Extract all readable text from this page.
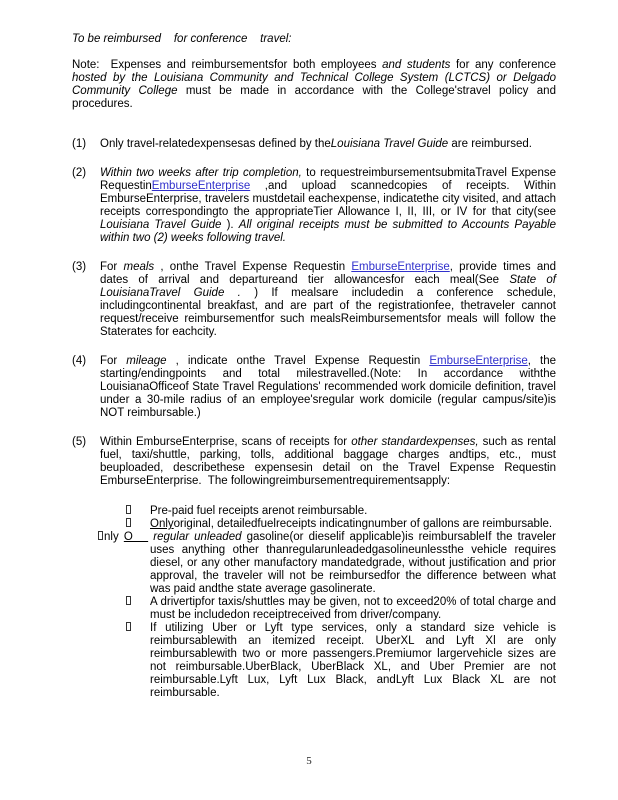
To be reimbursed    for conference    travel:
Note:  Expenses and reimbursementsfor both employees and students for any conference hosted by the Louisiana Community and Technical College System (LCTCS) or Delgado Community College must be made in accordance with the College'stravel policy and procedures.
(1)	Only travel-relatedexpensesas defined by theLouisiana Travel Guide are reimbursed.
(2)	Within two weeks after trip completion, to requestreimbursementsubmitaTravel Expense RequestinEmburseEnterprise ,and upload scannedcopies of receipts. Within EmburseEnterprise, travelers mustdetail eachexpense, indicatethe city visited, and attach receipts correspondingto the appropriateTier Allowance I, II, III, or IV for that city(see Louisiana Travel Guide ). All original receipts must be submitted to Accounts Payable within two (2) weeks following travel.
(3)	For meals , onthe Travel Expense Requestin EmburseEnterprise, provide times and dates of arrival and departureand tier allowancesfor each meal(See State of LouisianaTravel Guide . ) If mealsare includedin a conference schedule, includingcontinental breakfast, and are part of the registrationfee, thetraveler cannot request/receive reimbursementfor such mealsReimbursementsfor meals will follow the Staterates for eachcity.
(4)	For mileage , indicate onthe Travel Expense Requestin EmburseEnterprise, the starting/endingpoints and total milestravelled.(Note: In accordance withthe LouisianaOfficeof State Travel Regulations' recommended work domicile definition, travel under a 30-mile radius of an employee'sregular work domicile (regular campus/site)is NOT reimbursable.)
(5)	Within EmburseEnterprise, scans of receipts for other standardexpenses, such as rental fuel, taxi/shuttle, parking, tolls, additional baggage charges andtips, etc., must beuploaded, describethese expensesin detail on the Travel Expense Requestin EmburseEnterprise.  The followingreimbursementrequirementsapply:
Pre-paid fuel receipts arenot reimbursable.
Onlyoriginal, detailedfuelreceipts indicatingnumber of gallons are reimbursable.
nly O    regular unleaded gasoline(or dieselif applicable)is reimbursableIf the traveler uses anything other thanregularunleadedgasolineunlessthe vehicle requires diesel, or any other manufactory mandatedgrade, without justification and prior approval, the traveler will not be reimbursedfor the difference between what was paid andthe state average gasolinerate.
A drivertipfor taxis/shuttles may be given, not to exceed20% of total charge and must be includedon receiptreceived from driver/company.
If utilizing Uber or Lyft type services, only a standard size vehicle is reimbursablewith an itemized receipt. UberXL and Lyft Xl are only reimbursablewith two or more passengers.Premiumor largervehicle sizes are not reimbursable.UberBlack, UberBlack XL, and Uber Premier are not reimbursable.Lyft Lux, Lyft Lux Black, andLyft Lux Black XL are not reimbursable.
5
